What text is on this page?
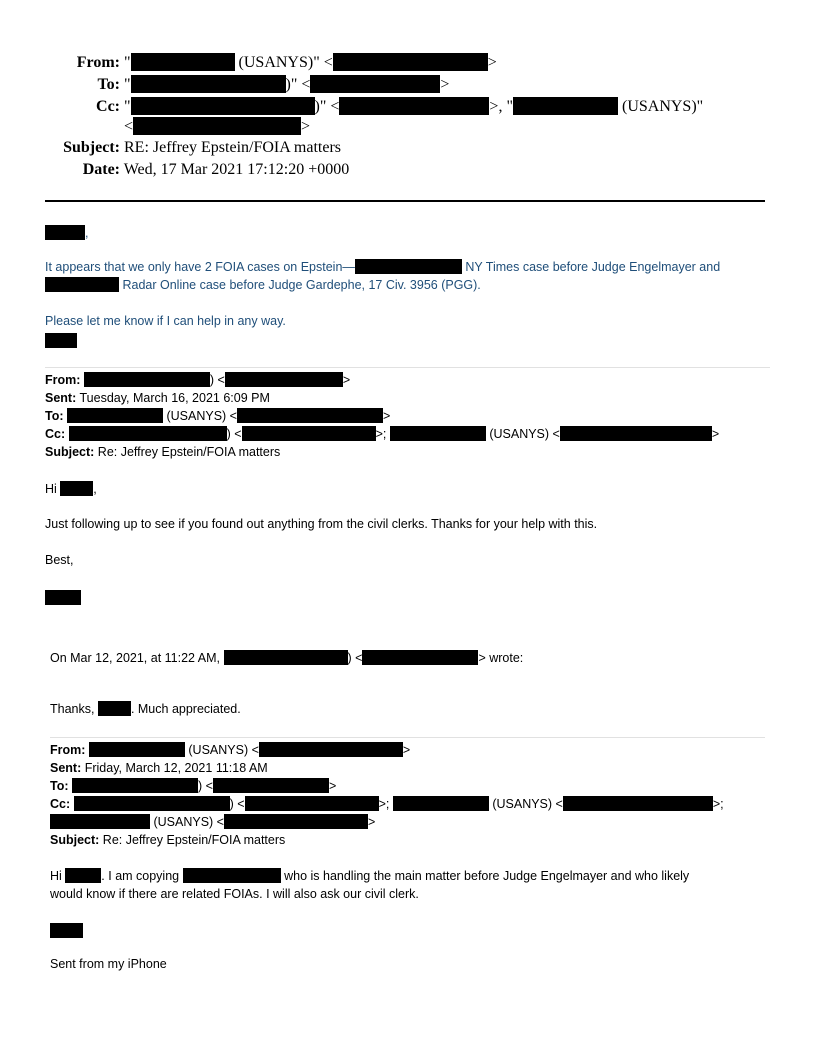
From: "	(USANYS)" <	>
To: "	)" <	>
Cc: "	)" <	>, "	(USANYS)"
<	>
Subject: RE: Jeffrey Epstein/FOIA matters
Date: Wed, 17 Mar 2021 17:12:20 +0000
,
It appears that we only have 2 FOIA cases on Epstein—	NY Times case before Judge Engelmayer and
Radar Online case before Judge Gardephe, 17 Civ. 3956 (PGG).
Please let me know if I can help in any way.
From:	) <	>
Sent: Tuesday, March 16, 2021 6:09 PM
To:	(USANYS) <	>
Cc:	) <	>;	(USANYS) <	>
Subject: Re: Jeffrey Epstein/FOIA matters
Hi	,
Just following up to see if you found out anything from the civil clerks. Thanks for your help with this.
Best,
On Mar 12, 2021, at 11:22 AM,	) <	> wrote:
Thanks,	. Much appreciated.
From:	(USANYS) <	>
Sent: Friday, March 12, 2021 11:18 AM
To:	) <	>
Cc:	) <	>;	(USANYS) <	>;
(USANYS) <	>
Subject: Re: Jeffrey Epstein/FOIA matters
Hi	. I am copying	who is handling the main matter before Judge Engelmayer and who likely
would know if there are related FOIAs. I will also ask our civil clerk.
Sent from my iPhone
